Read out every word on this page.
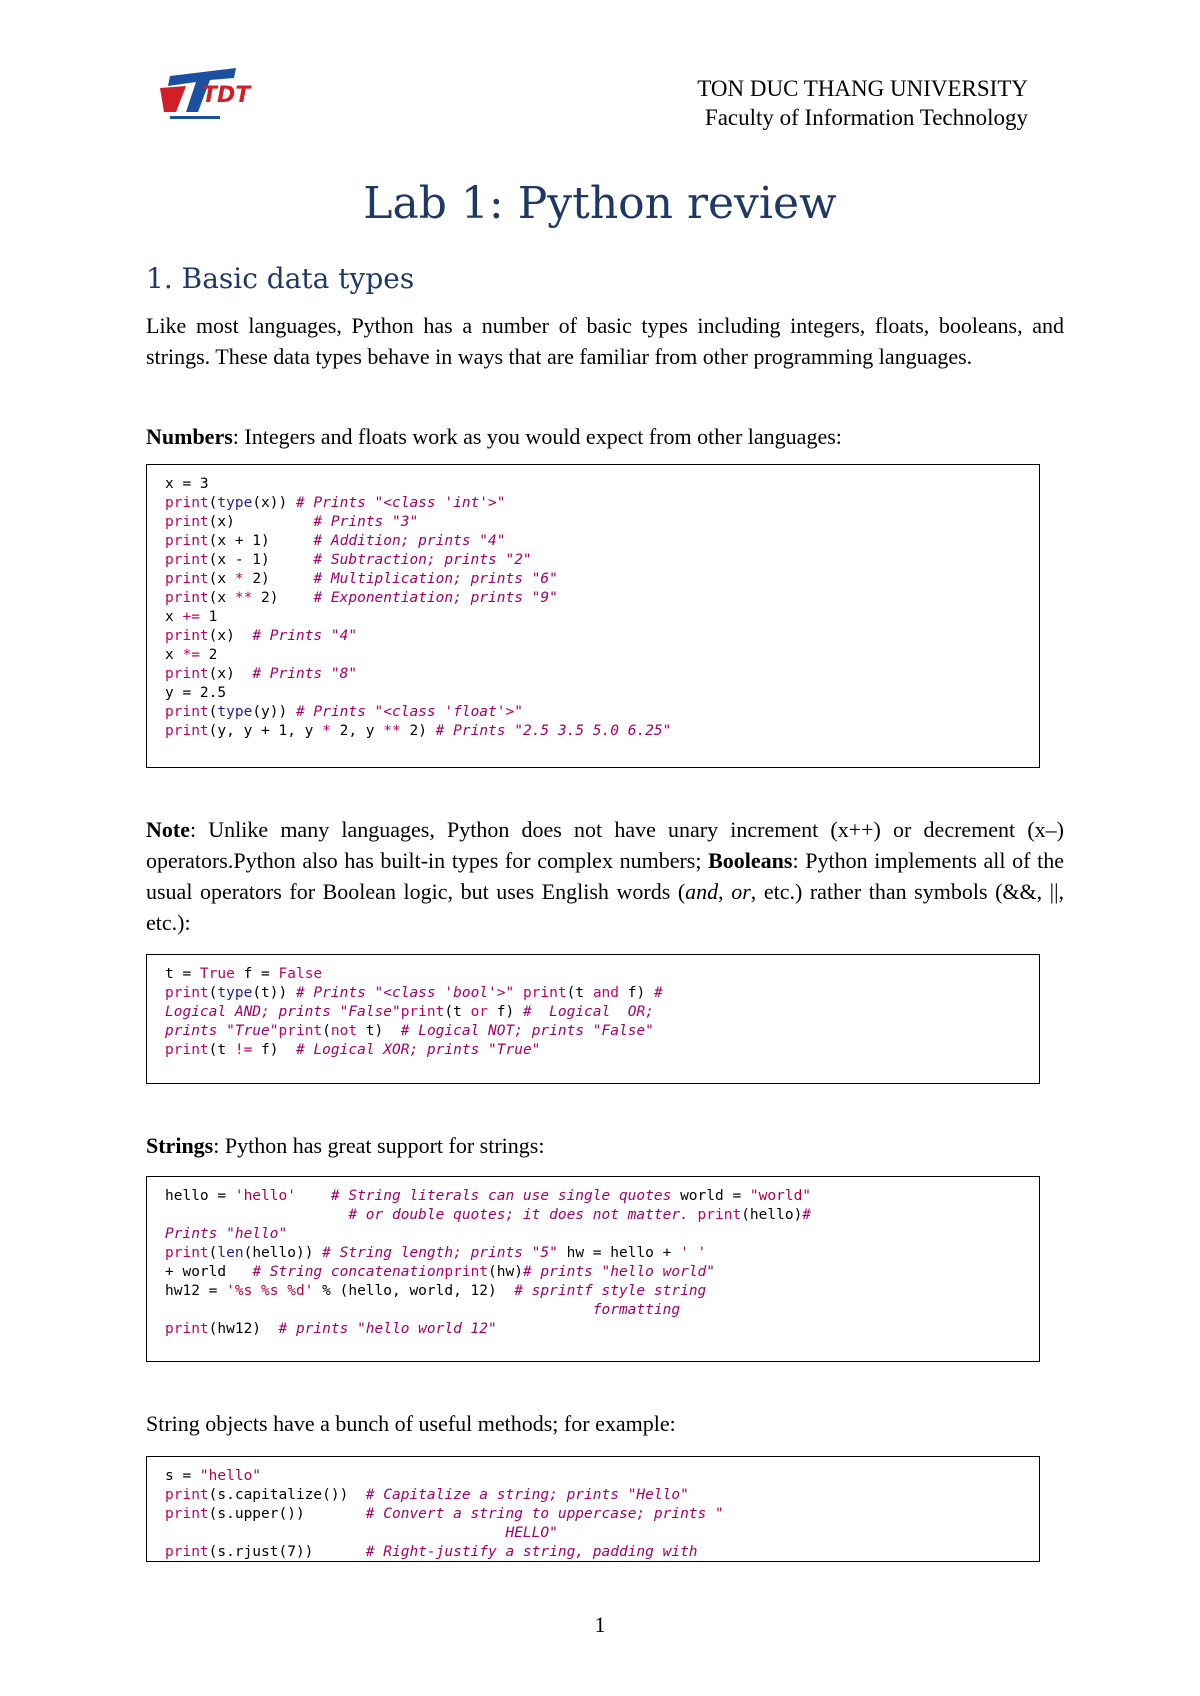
TDT	TON DUC THANG UNIVERSITY
Faculty of Information Technology
Lab 1: Python review
1. Basic data types
Like most languages, Python has a number of basic types including integers, floats, booleans, and strings. These data types behave in ways that are familiar from other programming languages.
Numbers: Integers and floats work as you would expect from other languages:
x = 3
print(type(x)) # Prints "<class 'int'>"
print(x)         # Prints "3"
print(x + 1)     # Addition; prints "4"
print(x - 1)     # Subtraction; prints "2"
print(x * 2)     # Multiplication; prints "6"
print(x ** 2)    # Exponentiation; prints "9"
x += 1
print(x)  # Prints "4"
x *= 2
print(x)  # Prints "8"
y = 2.5
print(type(y)) # Prints "<class 'float'>"
print(y, y + 1, y * 2, y ** 2) # Prints "2.5 3.5 5.0 6.25"
Note: Unlike many languages, Python does not have unary increment (x++) or decrement (x–) operators.Python also has built-in types for complex numbers; Booleans: Python implements all of the usual operators for Boolean logic, but uses English words (and, or, etc.) rather than symbols (&&, ||, etc.):
t = True f = False
print(type(t)) # Prints "<class 'bool'>" print(t and f) #
Logical AND; prints "False"print(t or f) #  Logical  OR;
prints "True"print(not t)  # Logical NOT; prints "False"
print(t != f)  # Logical XOR; prints "True"
Strings: Python has great support for strings:
hello = 'hello' # String literals can use single quotes world = "world"
# or double quotes; it does not matter. print(hello)#
Prints "hello"
print(len(hello)) # String length; prints "5" hw = hello + ' '
+ world   # String concatenationprint(hw)# prints "hello world"
hw12 = '%s %s %d' % (hello, world, 12)  # sprintf style string
formatting
print(hw12)  # prints "hello world 12"
String objects have a bunch of useful methods; for example:
s = "hello"
print(s.capitalize())  # Capitalize a string; prints "Hello"
print(s.upper())       # Convert a string to uppercase; prints "
HELLO"
print(s.rjust(7))      # Right-justify a string, padding with
1
